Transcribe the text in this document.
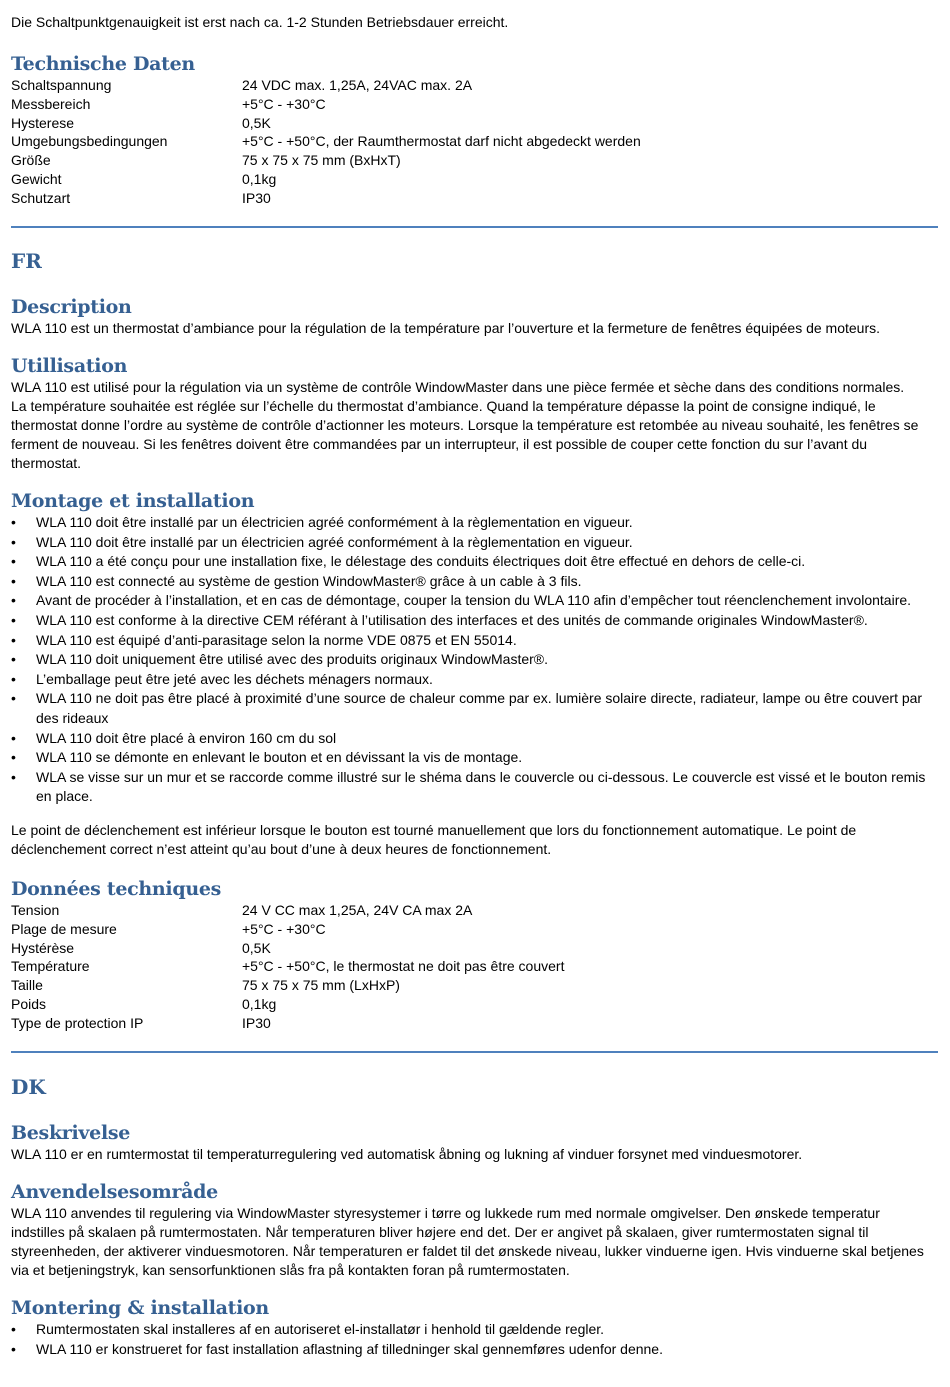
Die Schaltpunktgenauigkeit ist erst nach ca. 1-2 Stunden Betriebsdauer erreicht.

Technische Daten
Schaltspannung	24 VDC max. 1,25A, 24VAC max. 2A
Messbereich	+5°C - +30°C
Hysterese	0,5K
Umgebungsbedingungen	+5°C - +50°C, der Raumthermostat darf nicht abgedeckt werden
Größe	75 x 75 x 75 mm (BxHxT)
Gewicht	0,1kg
Schutzart	IP30
FR
Description

WLA 110 est un thermostat d’ambiance pour la régulation de la température par l’ouverture et la fermeture de fenêtres équipées de moteurs.

Utillisation
WLA 110 est utilisé pour la régulation via un système de contrôle WindowMaster dans une pièce fermée et sèche dans des conditions normales.
La température souhaitée est réglée sur l’échelle du thermostat d’ambiance. Quand la température dépasse la point de consigne indiqué, le
thermostat donne l’ordre au système de contrôle d’actionner les moteurs. Lorsque la température est retombée au niveau souhaité, les fenêtres se
ferment de nouveau. Si les fenêtres doivent être commandées par un interrupteur, il est possible de couper cette fonction du sur l’avant du
thermostat.
Montage et installation
• WLA 110 doit être installé par un électricien agréé conformément à la règlementation en vigueur.
• WLA 110 doit être installé par un électricien agréé conformément à la règlementation en vigueur.
• WLA 110 a été conçu pour une installation fixe, le délestage des conduits électriques doit être effectué en dehors de celle-ci.
• WLA 110 est connecté au système de gestion WindowMaster® grâce à un cable à 3 fils.
• Avant de procéder à l’installation, et en cas de démontage, couper la tension du WLA 110 afin d’empêcher tout réenclenchement involontaire.
• WLA 110 est conforme à la directive CEM référant à l’utilisation des interfaces et des unités de commande originales WindowMaster®.
• WLA 110 est équipé d’anti-parasitage selon la norme VDE 0875 et EN 55014.
• WLA 110 doit uniquement être utilisé avec des produits originaux WindowMaster®.
• L’emballage peut être jeté avec les déchets ménagers normaux.
• WLA 110 ne doit pas être placé à proximité d’une source de chaleur comme par ex. lumière solaire directe, radiateur, lampe ou être couvert par des rideaux
• WLA 110 doit être placé à environ 160 cm du sol
• WLA 110 se démonte en enlevant le bouton et en dévissant la vis de montage.
• WLA se visse sur un mur et se raccorde comme illustré sur le shéma dans le couvercle ou ci-dessous. Le couvercle est vissé et le bouton remis en place.
Le point de déclenchement est inférieur lorsque le bouton est tourné manuellement que lors du fonctionnement automatique. Le point de
déclenchement correct n’est atteint qu’au bout d’une à deux heures de fonctionnement.
Données techniques
Tension	24 V CC max 1,25A, 24V CA max 2A
Plage de mesure	+5°C - +30°C
Hystérèse	0,5K
Température	+5°C - +50°C, le thermostat ne doit pas être couvert
Taille	75 x 75 x 75 mm (LxHxP)
Poids	0,1kg
Type de protection IP	IP30
DK
Beskrivelse

WLA 110 er en rumtermostat til temperaturregulering ved automatisk åbning og lukning af vinduer forsynet med vinduesmotorer.

Anvendelsesområde
WLA 110 anvendes til regulering via WindowMaster styresystemer i tørre og lukkede rum med normale omgivelser. Den ønskede temperatur
indstilles på skalaen på rumtermostaten. Når temperaturen bliver højere end det. Der er angivet på skalaen, giver rumtermostaten signal til
styreenheden, der aktiverer vinduesmotoren. Når temperaturen er faldet til det ønskede niveau, lukker vinduerne igen. Hvis vinduerne skal betjenes
via et betjeningstryk, kan sensorfunktionen slås fra på kontakten foran på rumtermostaten.
Montering & installation
• Rumtermostaten skal installeres af en autoriseret el-installatør i henhold til gældende regler.
• WLA 110 er konstrueret for fast installation aflastning af tilledninger skal gennemføres udenfor denne.
